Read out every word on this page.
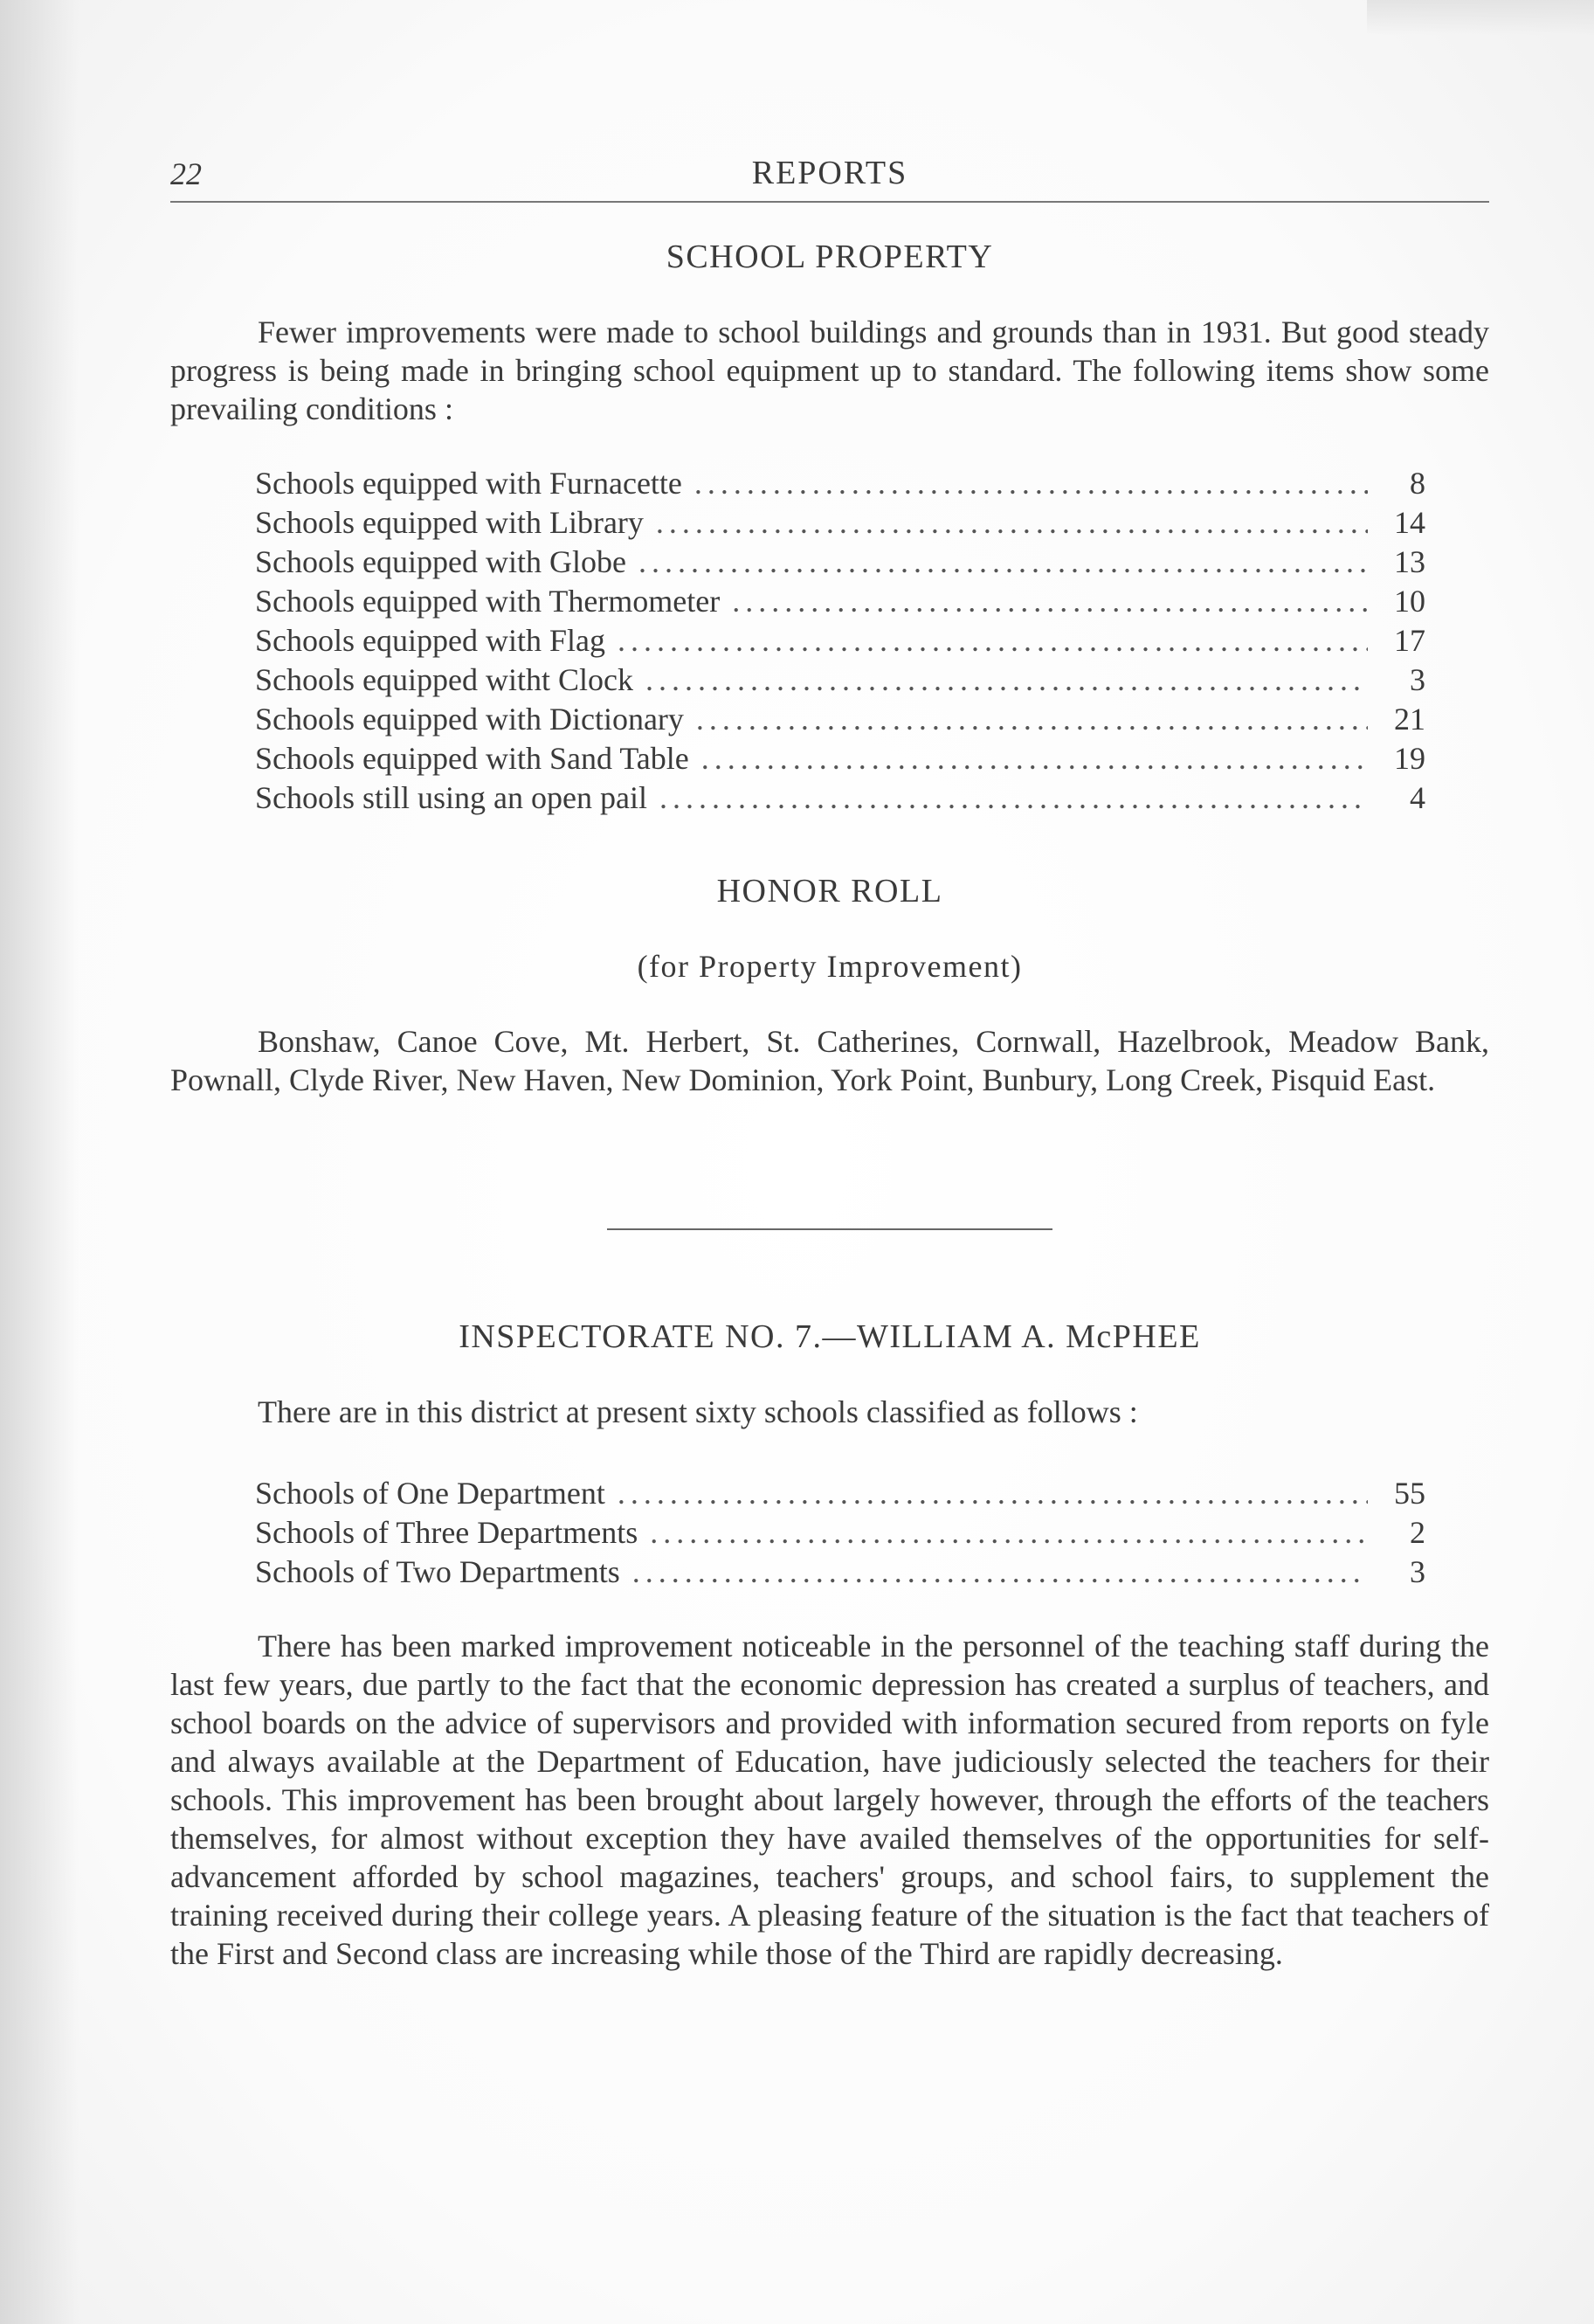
22	REPORTS
SCHOOL PROPERTY

Fewer improvements were made to school buildings and grounds than in 1931. But good steady progress is being made in bringing school equipment up to standard. The following items show some prevailing conditions :

Schools equipped with Furnacette .....	8
Schools equipped with Library .....	14
Schools equipped with Globe .....	13
Schools equipped with Thermometer .....	10
Schools equipped with Flag .....	17
Schools equipped witht Clock .....	3
Schools equipped with Dictionary .....	21
Schools equipped with Sand Table .....	19
Schools still using an open pail .....	4
HONOR ROLL
(for Property Improvement)

Bonshaw, Canoe Cove, Mt. Herbert, St. Catherines, Cornwall, Hazelbrook, Meadow Bank, Pownall, Clyde River, New Haven, New Dominion, York Point, Bunbury, Long Creek, Pisquid East.

INSPECTORATE NO. 7.—WILLIAM A. McPHEE

There are in this district at present sixty schools classified as follows :

Schools of One Department .....	55
Schools of Three Departments .....	2
Schools of Two Departments .....	3

There has been marked improvement noticeable in the personnel of the teaching staff during the last few years, due partly to the fact that the economic depression has created a surplus of teachers, and school boards on the advice of supervisors and provided with information secured from reports on fyle and always available at the Department of Education, have judiciously selected the teachers for their schools. This improvement has been brought about largely however, through the efforts of the teachers themselves, for almost without exception they have availed themselves of the opportunities for self-advancement afforded by school magazines, teachers' groups, and school fairs, to supplement the training received during their college years. A pleasing feature of the situation is the fact that teachers of the First and Second class are increasing while those of the Third are rapidly decreasing.
